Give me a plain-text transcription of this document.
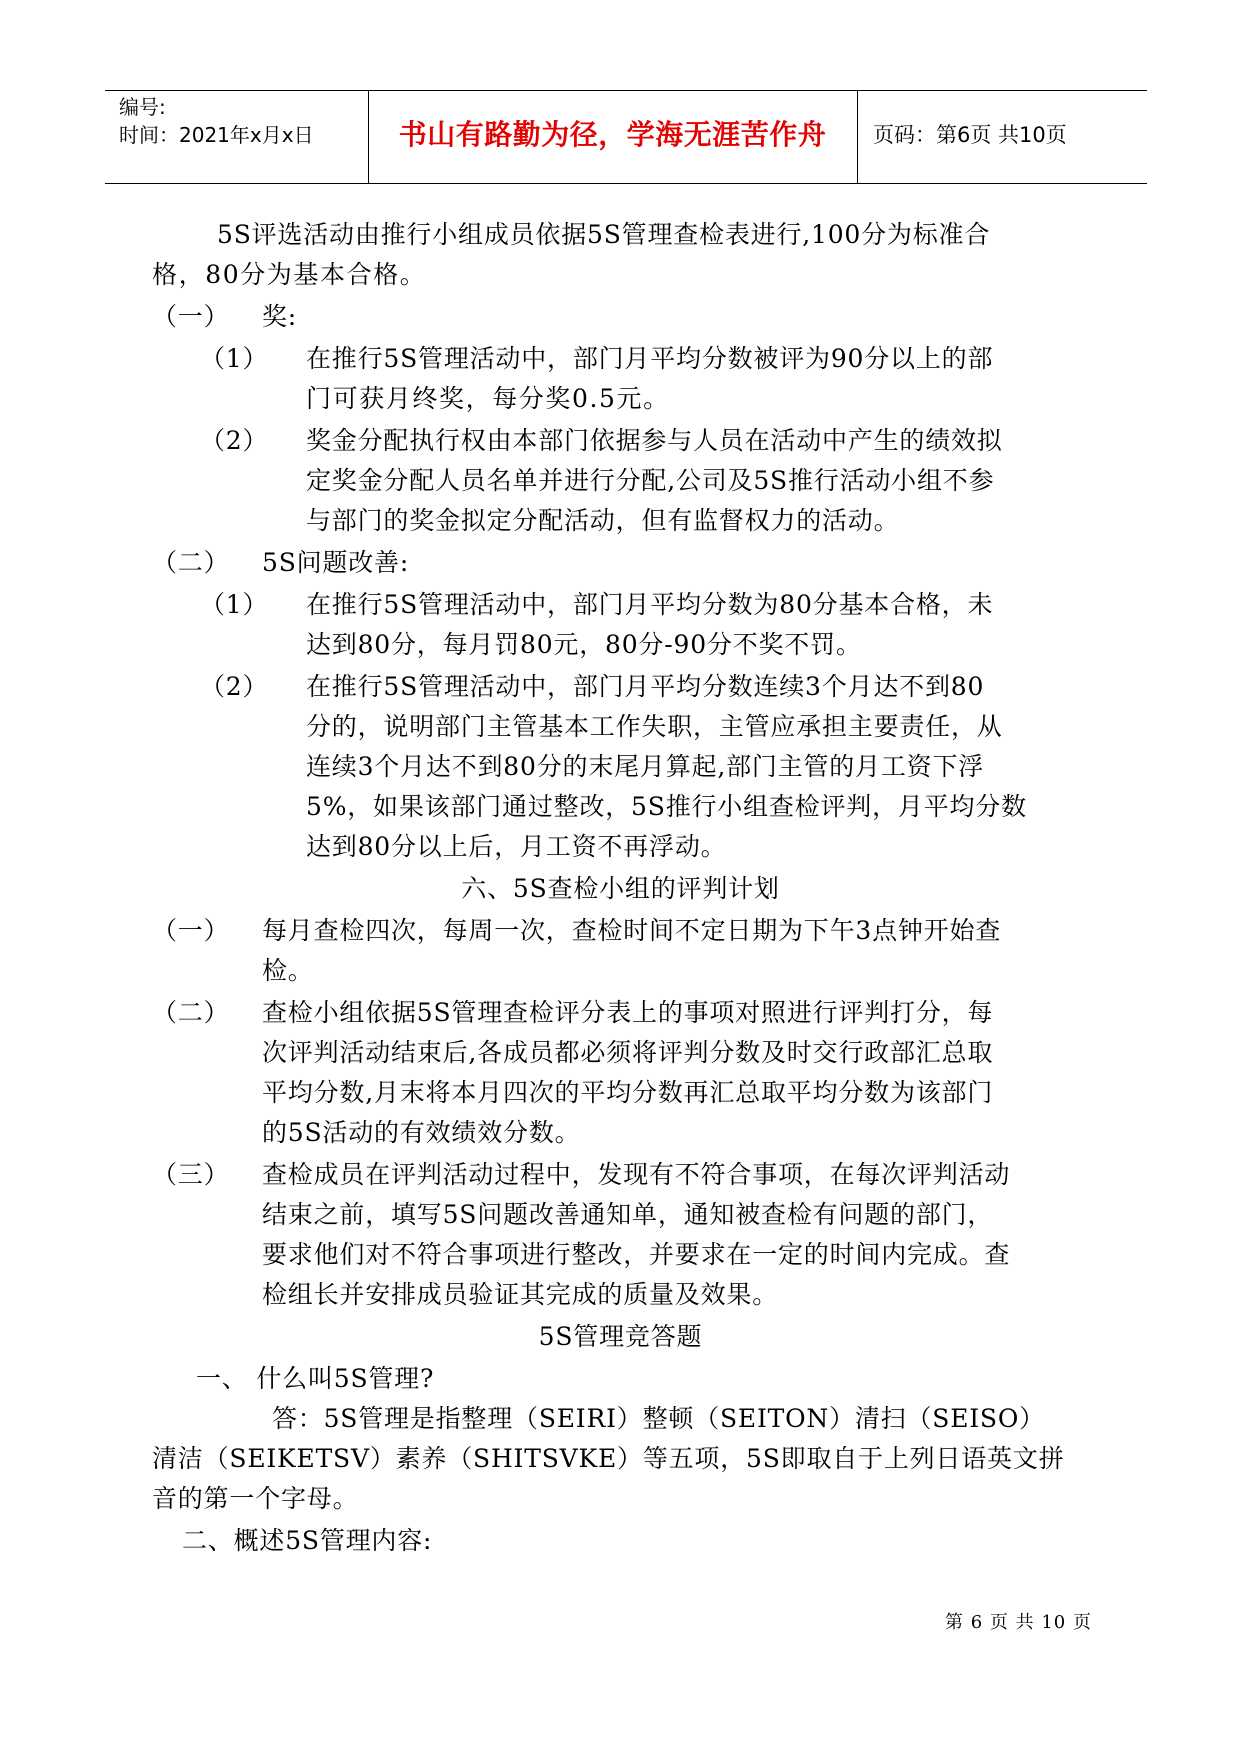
编号:
时间：2021年x月x日	书山有路勤为径，学海无涯苦作舟	页码：第6页 共10页
5S评选活动由推行小组成员依据5S管理查检表进行,100分为标准合
格，80分为基本合格。
（一） 奖:
（1） 在推行5S管理活动中，部门月平均分数被评为90分以上的部
门可获月终奖，每分奖0.5元。
（2） 奖金分配执行权由本部门依据参与人员在活动中产生的绩效拟
定奖金分配人员名单并进行分配,公司及5S推行活动小组不参
与部门的奖金拟定分配活动，但有监督权力的活动。
（二） 5S问题改善:
（1） 在推行5S管理活动中，部门月平均分数为80分基本合格，未
达到80分，每月罚80元，80分-90分不奖不罚。
（2） 在推行5S管理活动中，部门月平均分数连续3个月达不到80
分的，说明部门主管基本工作失职，主管应承担主要责任，从
连续3个月达不到80分的末尾月算起,部门主管的月工资下浮
5%，如果该部门通过整改，5S推行小组查检评判，月平均分数
达到80分以上后，月工资不再浮动。
六、5S查检小组的评判计划
（一） 每月查检四次，每周一次，查检时间不定日期为下午3点钟开始查
检。
（二） 查检小组依据5S管理查检评分表上的事项对照进行评判打分，每
次评判活动结束后,各成员都必须将评判分数及时交行政部汇总取
平均分数,月末将本月四次的平均分数再汇总取平均分数为该部门
的5S活动的有效绩效分数。
（三） 查检成员在评判活动过程中，发现有不符合事项，在每次评判活动
结束之前，填写5S问题改善通知单，通知被查检有问题的部门，
要求他们对不符合事项进行整改，并要求在一定的时间内完成。查
检组长并安排成员验证其完成的质量及效果。
5S管理竞答题
一、 什么叫5S管理?
答：5S管理是指整理（SEIRI）整顿（SEITON）清扫（SEISO）
清洁（SEIKETSV）素养（SHITSVKE）等五项，5S即取自于上列日语英文拼
音的第一个字母。
二、概述5S管理内容:
第 6 页 共 10 页
